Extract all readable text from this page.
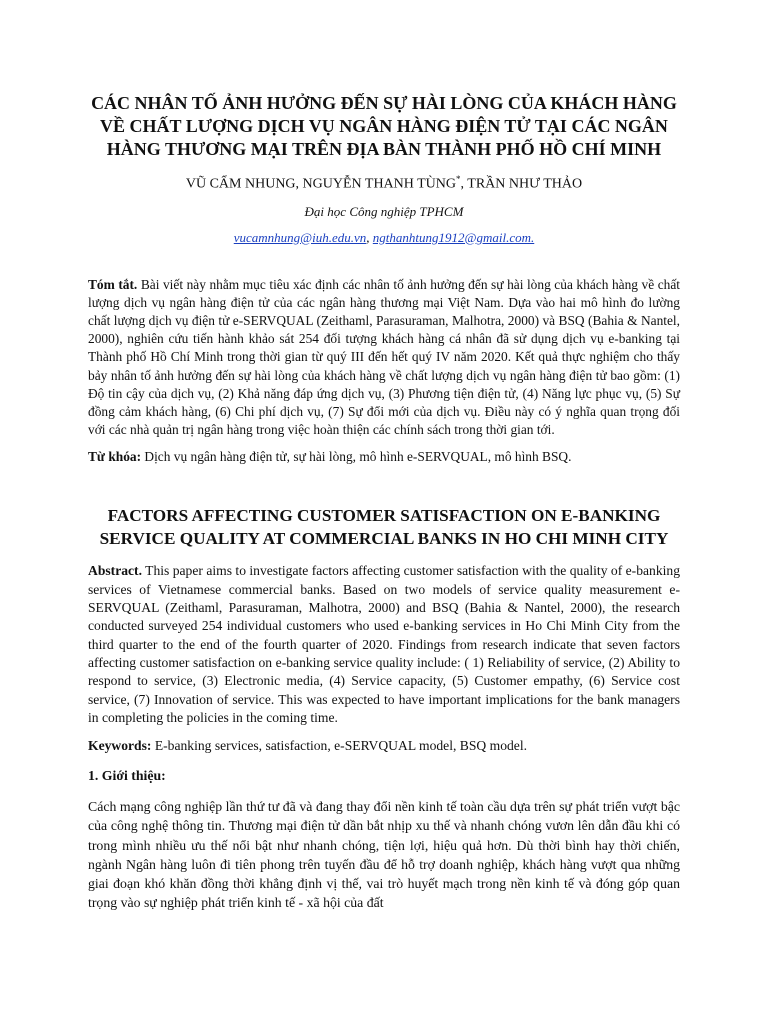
CÁC NHÂN TỐ ẢNH HƯỞNG ĐẾN SỰ HÀI LÒNG CỦA KHÁCH HÀNG VỀ CHẤT LƯỢNG DỊCH VỤ NGÂN HÀNG ĐIỆN TỬ TẠI CÁC NGÂN HÀNG THƯƠNG MẠI TRÊN ĐỊA BÀN THÀNH PHỐ HỒ CHÍ MINH
VŨ CẨM NHUNG, NGUYỄN THANH TÙNG*, TRẦN NHƯ THẢO
Đại học Công nghiệp TPHCM
vucamnhung@iuh.edu.vn, ngthanhtung1912@gmail.com.
Tóm tắt. Bài viết này nhằm mục tiêu xác định các nhân tố ảnh hưởng đến sự hài lòng của khách hàng về chất lượng dịch vụ ngân hàng điện tử của các ngân hàng thương mại Việt Nam. Dựa vào hai mô hình đo lường chất lượng dịch vụ điện tử e-SERVQUAL (Zeithaml, Parasuraman, Malhotra, 2000) và BSQ (Bahia & Nantel, 2000), nghiên cứu tiến hành khảo sát 254 đối tượng khách hàng cá nhân đã sử dụng dịch vụ e-banking tại Thành phố Hồ Chí Minh trong thời gian từ quý III đến hết quý IV năm 2020. Kết quả thực nghiệm cho thấy bảy nhân tố ảnh hưởng đến sự hài lòng của khách hàng về chất lượng dịch vụ ngân hàng điện tử bao gồm: (1) Độ tin cậy của dịch vụ, (2) Khả năng đáp ứng dịch vụ, (3) Phương tiện điện tử, (4) Năng lực phục vụ, (5) Sự đồng cảm khách hàng, (6) Chi phí dịch vụ, (7) Sự đổi mới của dịch vụ. Điều này có ý nghĩa quan trọng đối với các nhà quản trị ngân hàng trong việc hoàn thiện các chính sách trong thời gian tới.
Từ khóa: Dịch vụ ngân hàng điện tử, sự hài lòng, mô hình e-SERVQUAL, mô hình BSQ.
FACTORS AFFECTING CUSTOMER SATISFACTION ON E-BANKING SERVICE QUALITY AT COMMERCIAL BANKS IN HO CHI MINH CITY
Abstract. This paper aims to investigate factors affecting customer satisfaction with the quality of e-banking services of Vietnamese commercial banks. Based on two models of service quality measurement e-SERVQUAL (Zeithaml, Parasuraman, Malhotra, 2000) and BSQ (Bahia & Nantel, 2000), the research conducted surveyed 254 individual customers who used e-banking services in Ho Chi Minh City from the third quarter to the end of the fourth quarter of 2020. Findings from research indicate that seven factors affecting customer satisfaction on e-banking service quality include: ( 1) Reliability of service, (2) Ability to respond to service, (3) Electronic media, (4) Service capacity, (5) Customer empathy, (6) Service cost service, (7) Innovation of service. This was expected to have important implications for the bank managers in completing the policies in the coming time.
Keywords: E-banking services, satisfaction, e-SERVQUAL model, BSQ model.
1. Giới thiệu:
Cách mạng công nghiệp lần thứ tư đã và đang thay đổi nền kinh tế toàn cầu dựa trên sự phát triển vượt bậc của công nghệ thông tin. Thương mại điện tử dần bắt nhịp xu thế và nhanh chóng vươn lên dẫn đầu khi có trong mình nhiều ưu thế nổi bật như nhanh chóng, tiện lợi, hiệu quả hơn. Dù thời bình hay thời chiến, ngành Ngân hàng luôn đi tiên phong trên tuyến đầu để hỗ trợ doanh nghiệp, khách hàng vượt qua những giai đoạn khó khăn đồng thời khẳng định vị thế, vai trò huyết mạch trong nền kinh tế và đóng góp quan trọng vào sự nghiệp phát triển kinh tế - xã hội của đất
